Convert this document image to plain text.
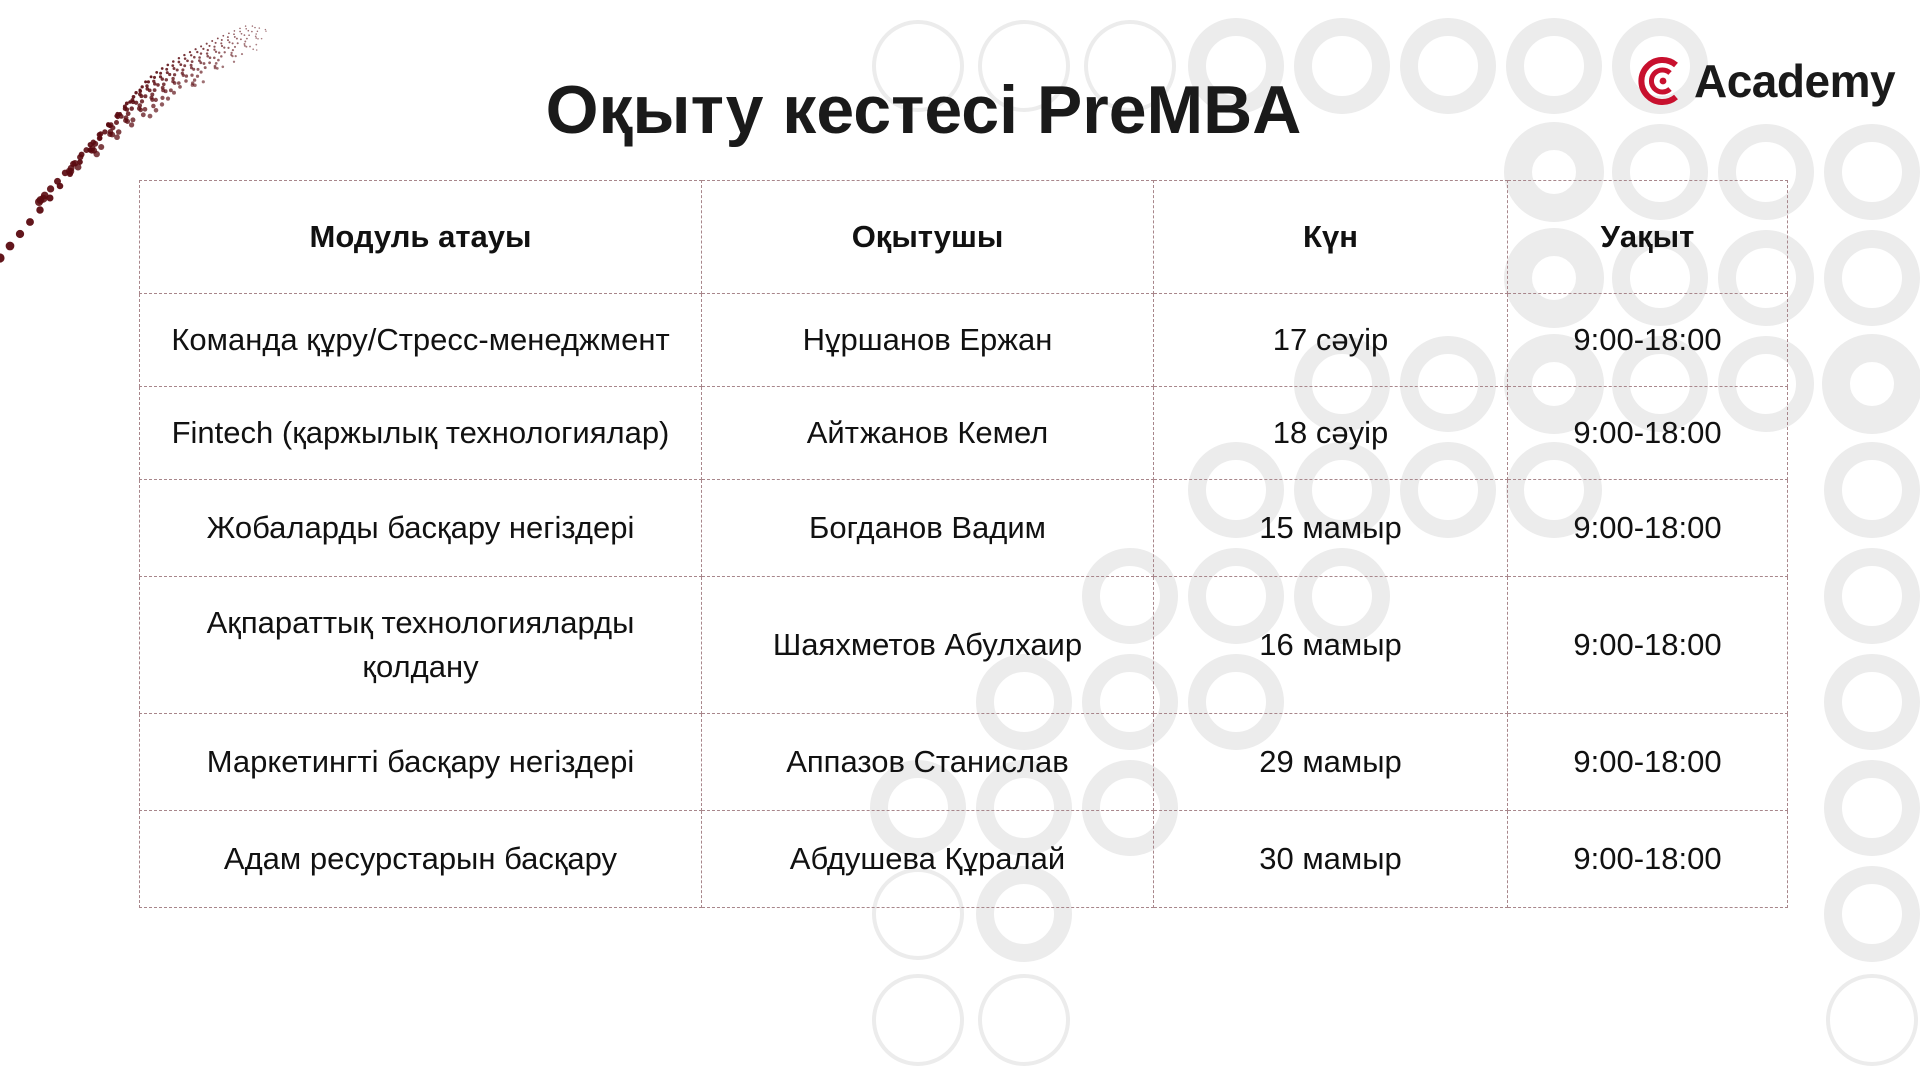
Оқыту кестесі PreMBA	Academy
Модуль атауы	Оқытушы	Күн	Уақыт
Команда құру/Стресс-менеджмент	Нұршанов Ержан	17 сәуір	9:00-18:00
Fintech (қаржылық технологиялар)	Айтжанов Кемел	18 сәуір	9:00-18:00
Жобаларды басқару негіздері	Богданов Вадим	15 мамыр	9:00-18:00
Ақпараттық технологияларды қолдану	Шаяхметов Абулхаир	16 мамыр	9:00-18:00
Маркетингті басқару негіздері	Аппазов Станислав	29 мамыр	9:00-18:00
Адам ресурстарын басқару	Абдушева Құралай	30 мамыр	9:00-18:00
